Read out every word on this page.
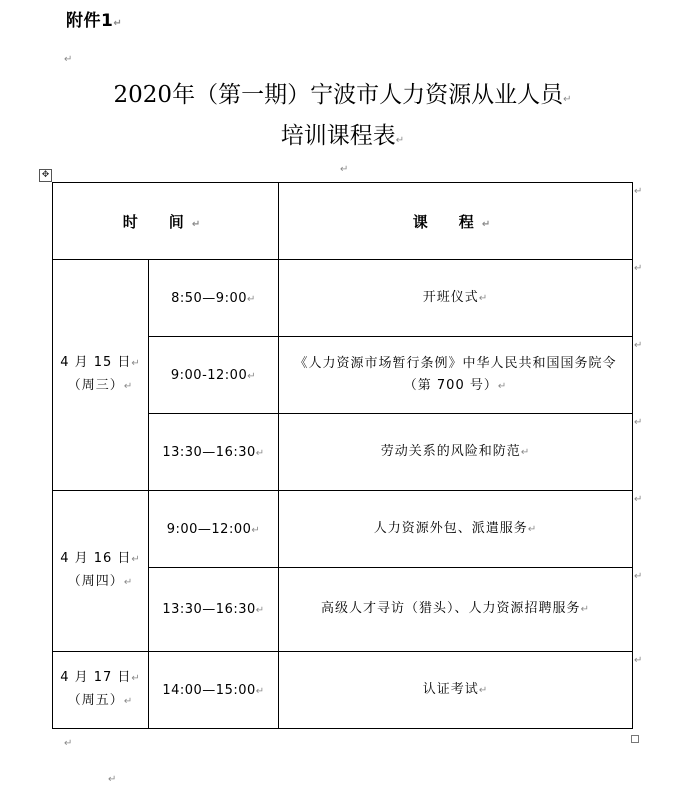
附件1↵
↵
2020年（第一期）宁波市人力资源从业人员↵
培训课程表↵
↵
✥
时　间↵		课　程↵

4 月 15 日↵
（周三）↵	8:50—9:00↵	开班仪式↵
	9:00-12:00↵	《人力资源市场暂行条例》中华人民共和国国务院令（第 700 号）↵
	13:30—16:30↵	劳动关系的风险和防范↵

4 月 16 日↵
（周四）↵	9:00—12:00↵	人力资源外包、派遣服务↵
	13:30—16:30↵	高级人才寻访（猎头）、人力资源招聘服务↵

4 月 17 日↵
（周五）↵	14:00—15:00↵	认证考试↵
↵
↵
↵
↵
↵
↵
↵
↵
↵
